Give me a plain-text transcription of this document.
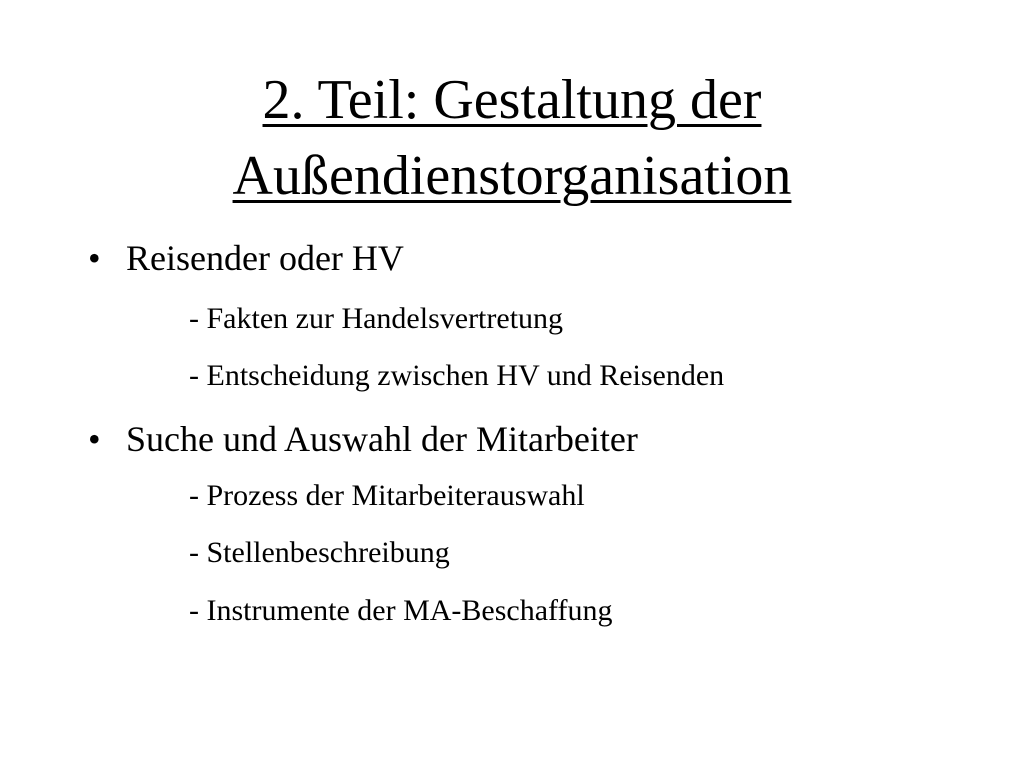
2. Teil: Gestaltung der
Außendienstorganisation
• Reisender oder HV
- Fakten zur Handelsvertretung
- Entscheidung zwischen HV und Reisenden
• Suche und Auswahl der Mitarbeiter
- Prozess der Mitarbeiterauswahl
- Stellenbeschreibung
- Instrumente der MA-Beschaffung
